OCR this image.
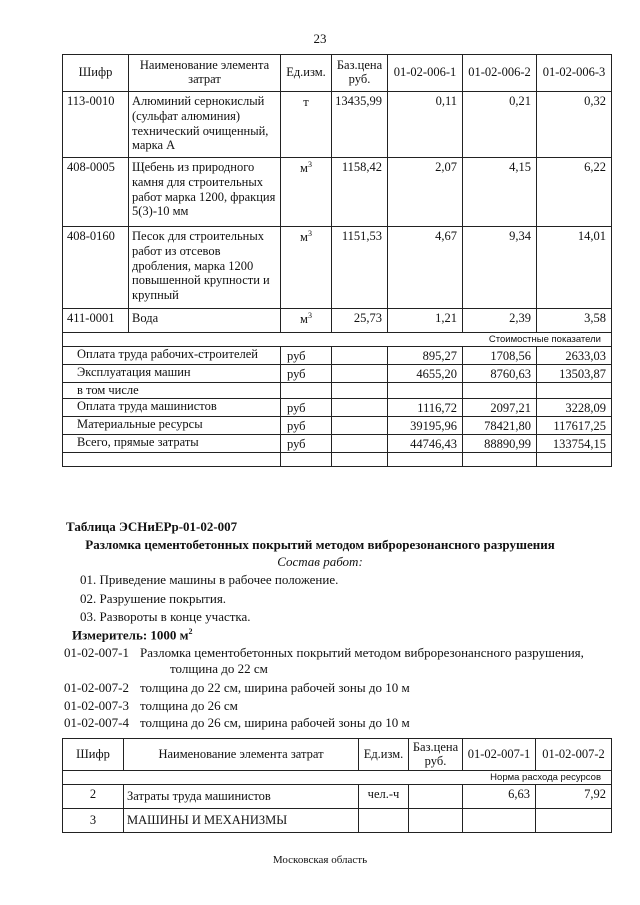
23
Шифр	Наименование элемента затрат	Ед.изм.	Баз.цена руб.	01-02-006-1	01-02-006-2	01-02-006-3
113-0010	Алюминий сернокислый (сульфат алюминия) технический очищенный, марка А	т	13435,99	0,11	0,21	0,32
408-0005	Щебень из природного камня для строительных работ марка 1200, фракция 5(3)-10 мм	$м^3$	1158,42	2,07	4,15	6,22
408-0160	Песок для строительных работ из отсевов дробления, марка 1200 повышенной крупности и крупный	$м^3$	1151,53	4,67	9,34	14,01
411-0001	Вода	$м^3$	25,73	1,21	2,39	3,58
Стоимостные показатели						
Оплата труда рабочих-строителей		руб		895,27	1708,56	2633,03
Эксплуатация машин		руб		4655,20	8760,63	13503,87
в том числе						
Оплата труда машинистов		руб		1116,72	2097,21	3228,09
Материальные ресурсы		руб		39195,96	78421,80	117617,25
Всего, прямые затраты		руб		44746,43	88890,99	133754,15

Таблица ЭСНиЕРр-01-02-007
Разломка цементобетонных покрытий методом виброрезонансного разрушения
Состав работ:
01. Приведение машины в рабочее положение.
02. Разрушение покрытия.
03. Развороты в конце участка.
Измеритель: 1000 $м^2$
01-02-007-1 Разломка цементобетонных покрытий методом виброрезонансного разрушения,
толщина до 22 см
01-02-007-2 толщина до 22 см, ширина рабочей зоны до 10 м
01-02-007-3 толщина до 26 см
01-02-007-4 толщина до 26 см, ширина рабочей зоны до 10 м
Шифр	Наименование элемента затрат	Ед.изм.	Баз.цена руб.	01-02-007-1	01-02-007-2
Норма расхода ресурсов					
2	Затраты труда машинистов	чел.-ч		6,63	7,92
3	МАШИНЫ И МЕХАНИЗМЫ				
Московская область
